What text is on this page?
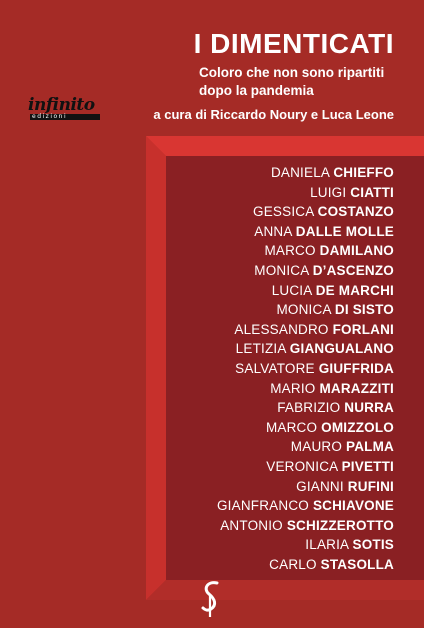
I DIMENTICATI
Coloro che non sono ripartiti
dopo la pandemia
a cura di Riccardo Noury e Luca Leone
infinito
edizioni
DANIELA CHIEFFO
LUIGI CIATTI
GESSICA COSTANZO
ANNA DALLE MOLLE
MARCO DAMILANO
MONICA D’ASCENZO
LUCIA DE MARCHI
MONICA DI SISTO
ALESSANDRO FORLANI
LETIZIA GIANGUALANO
SALVATORE GIUFFRIDA
MARIO MARAZZITI
FABRIZIO NURRA
MARCO OMIZZOLO
MAURO PALMA
VERONICA PIVETTI
GIANNI RUFINI
GIANFRANCO SCHIAVONE
ANTONIO SCHIZZEROTTO
ILARIA SOTIS
CARLO STASOLLA
